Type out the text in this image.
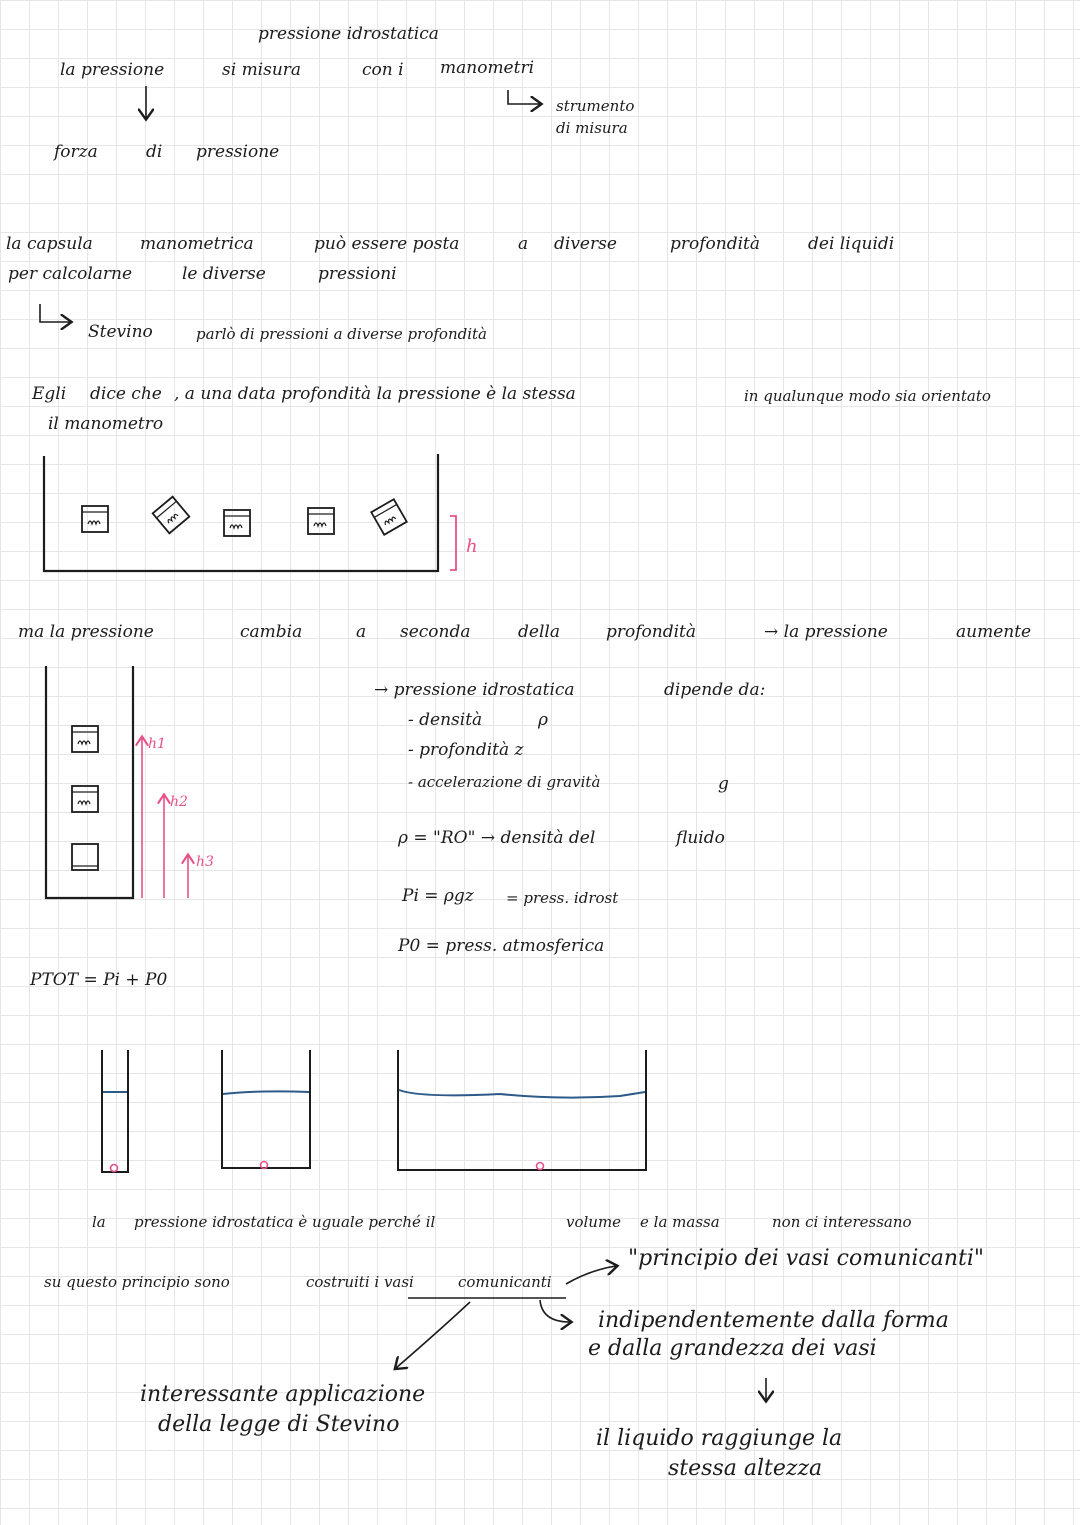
pressione idrostatica
la pressione	si misura	con i manometri
strumento
di misura
forza	di pressione
la capsula	manometrica	può essere posta	a diverse	profondità	dei liquidi
per calcolarne	le diverse	pressioni
Stevino	parlò di pressioni a diverse profondità
Egli dice che , a una data profondità la pressione è la stessa	in qualunque modo sia orientato
il manometro
ma la pressione	cambia	a seconda	della	profondità	→ la pressione	aumente
→ pressione idrostatica	dipende da:
- densità	ρ
- profondità z
- accelerazione di gravità	g
ρ = "RO" → densità del	fluido
Pi = ρgz = press. idrost
P0 = press. atmosferica
PTOT = Pi + P0
la pressione idrostatica è uguale perché il	volume e la massa	non ci interessano
"principio dei vasi comunicanti"
su questo principio sono	costruiti i vasi	comunicanti
indipendentemente dalla forma
e dalla grandezza dei vasi
il liquido raggiunge la
stessa altezza
interessante applicazione
della legge di Stevino
h
h1
h2
h3
